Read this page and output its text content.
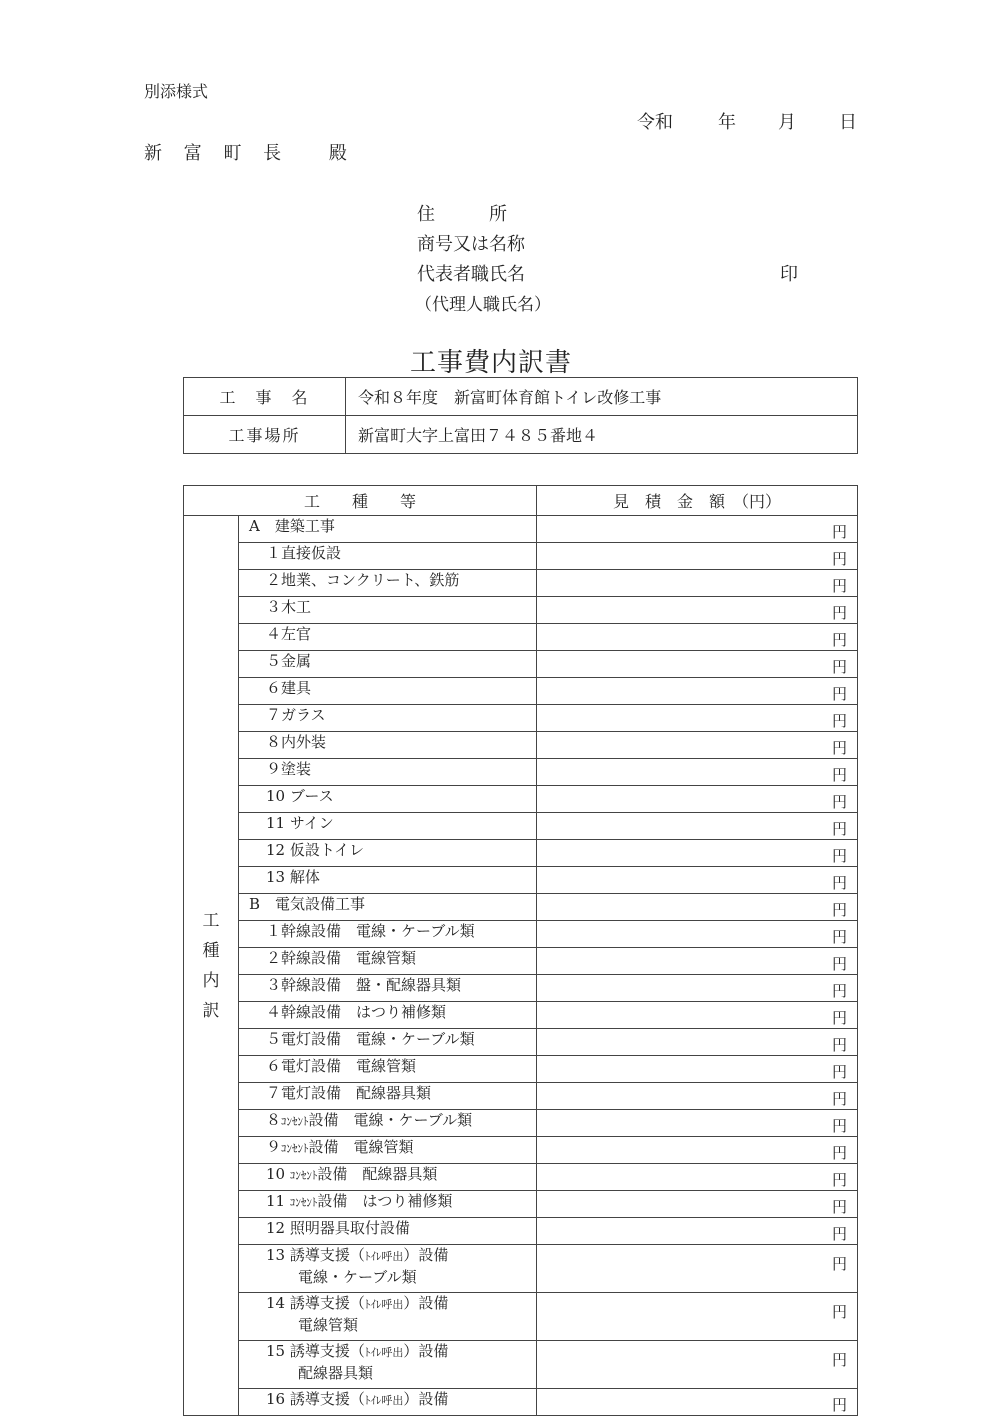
別添様式
令和	年 月 日
新 富 町 長　 殿
住　　　所
商号又は名称
代表者職氏名	印
（代理人職氏名）
工事費内訳書
工　事　名	令和８年度　新富町体育館トイレ改修工事
工事場所	新富町大字上富田７４８５番地４
工　　種　　等		見　積　金　額　（円）

工
種
内
訳	A　建築工事	円
	１直接仮設	円
	２地業、コンクリート、鉄筋	円
	３木工	円
	４左官	円
	５金属	円
	６建具	円
	７ガラス	円
	８内外装	円
	９塗装	円
	10 ブース	円
	11 サイン	円
	12 仮設トイレ	円
	13 解体	円
	B　電気設備工事	円
	１幹線設備　電線・ケーブル類	円
	２幹線設備　電線管類	円
	３幹線設備　盤・配線器具類	円
	４幹線設備　はつり補修類	円
	５電灯設備　電線・ケーブル類	円
	６電灯設備　電線管類	円
	７電灯設備　配線器具類	円
	８ｺﾝｾﾝﾄ設備　電線・ケーブル類	円
	９ｺﾝｾﾝﾄ設備　電線管類	円
	10 ｺﾝｾﾝﾄ設備　配線器具類	円
	11 ｺﾝｾﾝﾄ設備　はつり補修類	円
	12 照明器具取付設備	円
	13 誘導支援（ﾄｲﾚ呼出）設備
電線・ケーブル類	円
	14 誘導支援（ﾄｲﾚ呼出）設備
電線管類	円
	15 誘導支援（ﾄｲﾚ呼出）設備
配線器具類	円
	16 誘導支援（ﾄｲﾚ呼出）設備	円
